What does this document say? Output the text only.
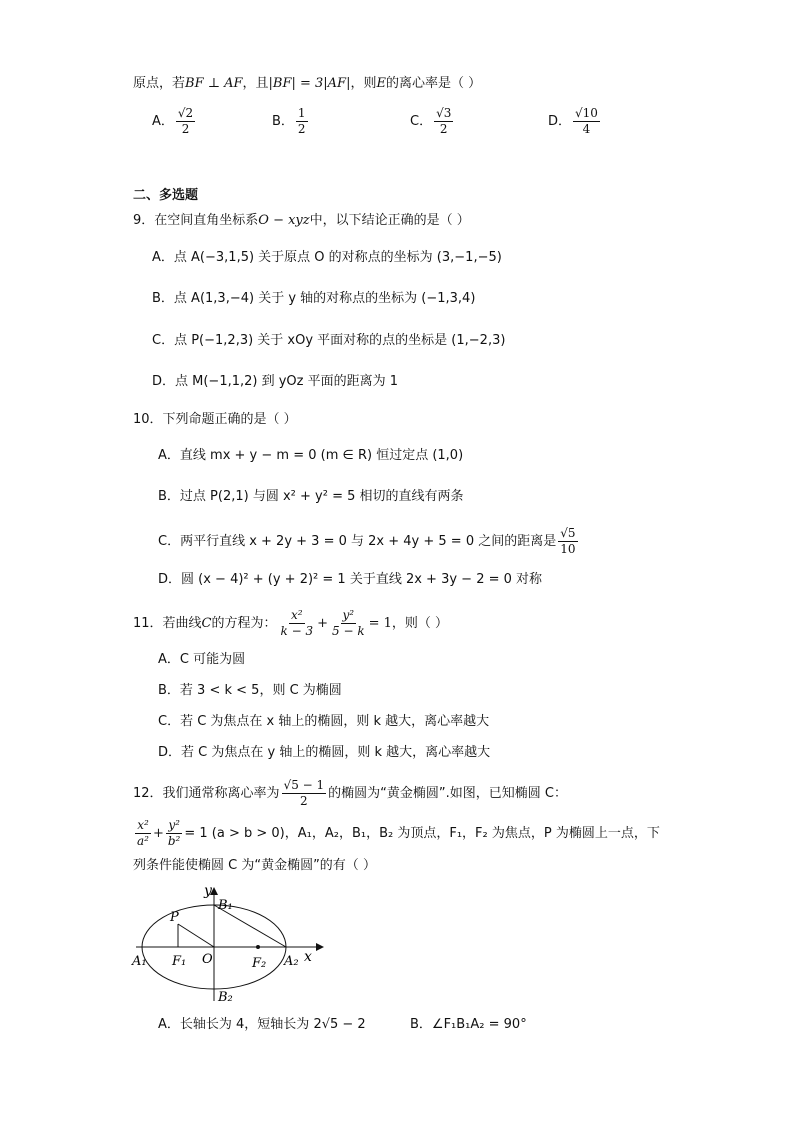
原点，若BF ⊥ AF，且|BF| = 3|AF|，则E的离心率是（ ）
A． $\frac{√2}{2}$	B． $\frac{1}{2}$	C． $\frac{√3}{2}$	D． $\frac{√10}{4}$
二、多选题
9．在空间直角坐标系O − xyz中，以下结论正确的是（ ）
A．点 A(−3,1,5) 关于原点 O 的对称点的坐标为 (3,−1,−5)
B．点 A(1,3,−4) 关于 y 轴的对称点的坐标为 (−1,3,4)
C．点 P(−1,2,3) 关于 xOy 平面对称的点的坐标是 (1,−2,3)
D．点 M(−1,1,2) 到 yOz 平面的距离为 1
10．下列命题正确的是（ ）
A．直线 mx + y − m = 0 (m ∈ R) 恒过定点 (1,0)
B．过点 P(2,1) 与圆 x² + y² = 5 相切的直线有两条
C．两平行直线 x + 2y + 3 = 0 与 2x + 4y + 5 = 0 之间的距离是 $\frac{√5}{10}$
D．圆 (x − 4)² + (y + 2)² = 1 关于直线 2x + 3y − 2 = 0 对称
11．若曲线C的方程为： $\frac{\text{x²}}{k - 3} + \frac{\text{y²}}{5 - k} = 1$，则（ ）
A．C 可能为圆
B．若 3 < k < 5，则 C 为椭圆
C．若 C 为焦点在 x 轴上的椭圆，则 k 越大，离心率越大
D．若 C 为焦点在 y 轴上的椭圆，则 k 越大，离心率越大
12．我们通常称离心率为 $\frac{√5 - 1}{2}$ 的椭圆为“黄金椭圆”.如图，已知椭圆 C：
$\frac{\text{x²}}{\text{a²}} + \frac{\text{y²}}{\text{b²}} = 1$ (a > b > 0)，A₁，A₂，B₁，B₂ 为顶点，F₁，F₂ 为焦点，P 为椭圆上一点，下
列条件能使椭圆 C 为“黄金椭圆”的有（ ）
y
B₁
P
A₁ F₁ O	F₂ A₂ x
B₂
A．长轴长为 4，短轴长为 2√5 − 2	B．∠F₁B₁A₂ = 90°
